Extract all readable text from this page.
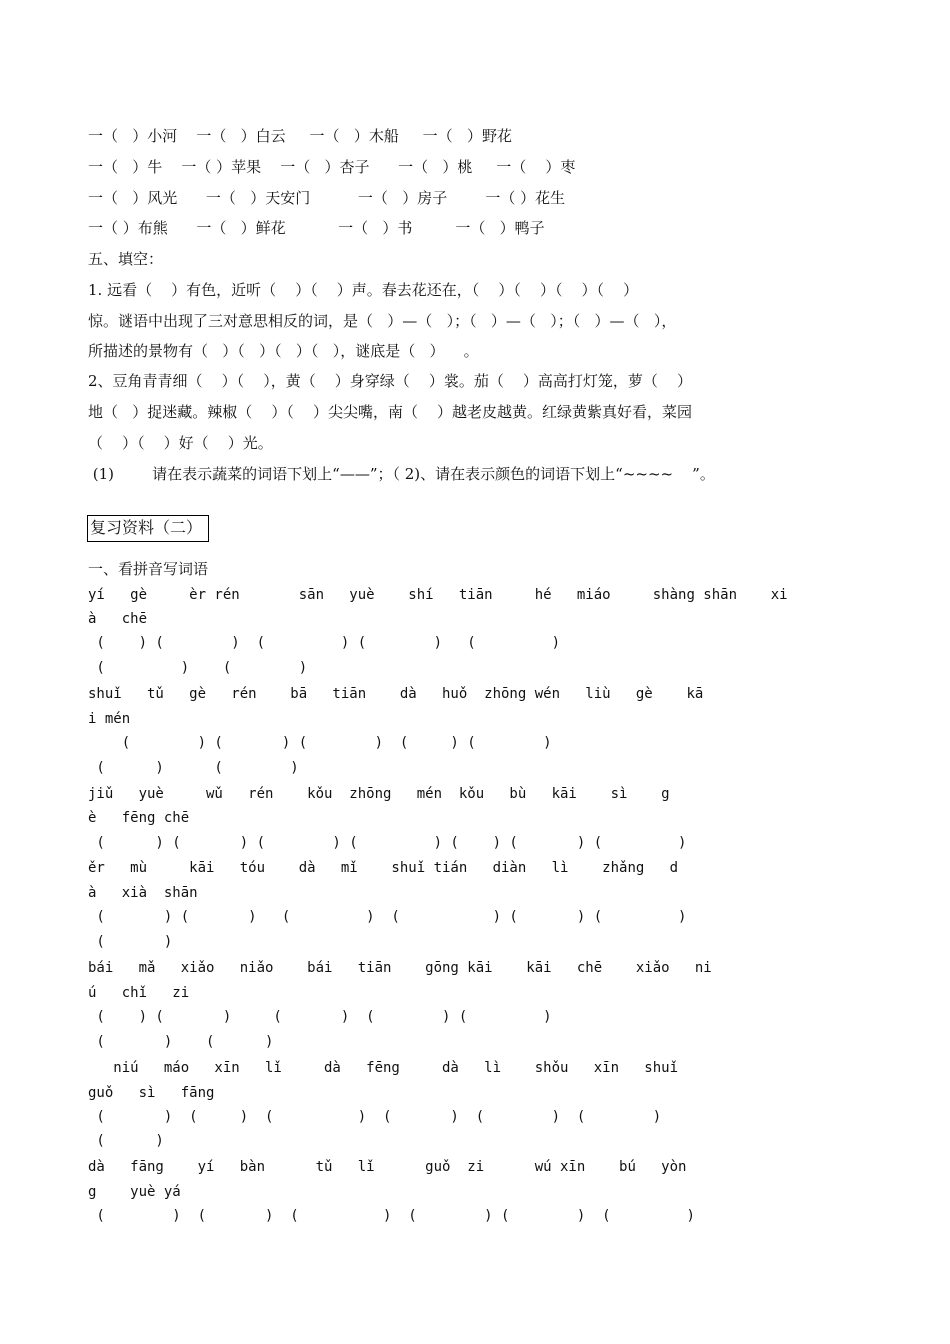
一（   ）小河    一（   ）白云     一（   ）木船     一（   ）野花
一（   ）牛    一（ ）苹果    一（   ）杏子      一（   ）桃     一（    ）枣
一（   ）风光      一（   ）天安门          一（   ）房子        一（ ）花生
一（ ）布熊      一（   ）鲜花           一（   ）书         一（   ）鸭子
五、填空：
1. 远看（    ）有色，近听（    ）（    ）声。春去花还在，（    ）（    ）（    ）（    ）
惊。谜语中出现了三对意思相反的词，是（   ）—（   ）；（   ）—（   ）；（   ）—（   ），
所描述的景物有（   ）（   ）（   ）（   ），谜底是（   ）    。
2、豆角青青细（    ）（    ），黄（    ）身穿绿（    ）裳。茄（    ）高高打灯笼，萝（    ）
地（   ）捉迷藏。辣椒（    ）（    ）尖尖嘴，南（    ）越老皮越黄。红绿黄紫真好看，菜园
（    ）（    ）好（    ）光。
(1)        请在表示蔬菜的词语下划上“——”；（ 2)、请在表示颜色的词语下划上“~~~~    ”。
复习资料（二）
一、看拼音写词语
yí   gè     èr rén       sān   yuè    shí   tiān     hé   miáo     shàng shān    xi
à   chē
(    ) (        )  (         ) (        )   (         )
(         )    (        )
shuǐ   tǔ   gè   rén    bā   tiān    dà   huǒ  zhōng wén   liù   gè    kā
i mén
(        ) (       ) (        )  (     ) (        )
(      )      (        )
jiǔ   yuè     wǔ   rén    kǒu  zhōng   mén  kǒu   bù   kāi    sì    g
è   fēng chē
(      ) (       ) (        ) (         ) (    ) (       ) (         )
ěr   mù     kāi   tóu    dà   mǐ    shuǐ tián   diàn   lì    zhǎng   d
à   xià  shān
(       ) (       )   (         )  (           ) (       ) (         )
(       )
bái   mǎ   xiǎo   niǎo    bái   tiān    gōng kāi    kāi   chē    xiǎo   ni
ú   chǐ   zi
(    ) (       )     (       )  (        ) (         )
(       )    (      )
niú   máo   xīn   lǐ     dà   fēng     dà   lì    shǒu   xīn   shuǐ
guǒ   sì   fāng
(       )  (     )  (          )  (       )  (        )  (        )
(      )
dà   fāng    yí   bàn      tǔ   lǐ      guǒ  zi      wú xīn    bú   yòn
g    yuè yá
(        )  (       )  (          )  (        ) (        )  (         )
